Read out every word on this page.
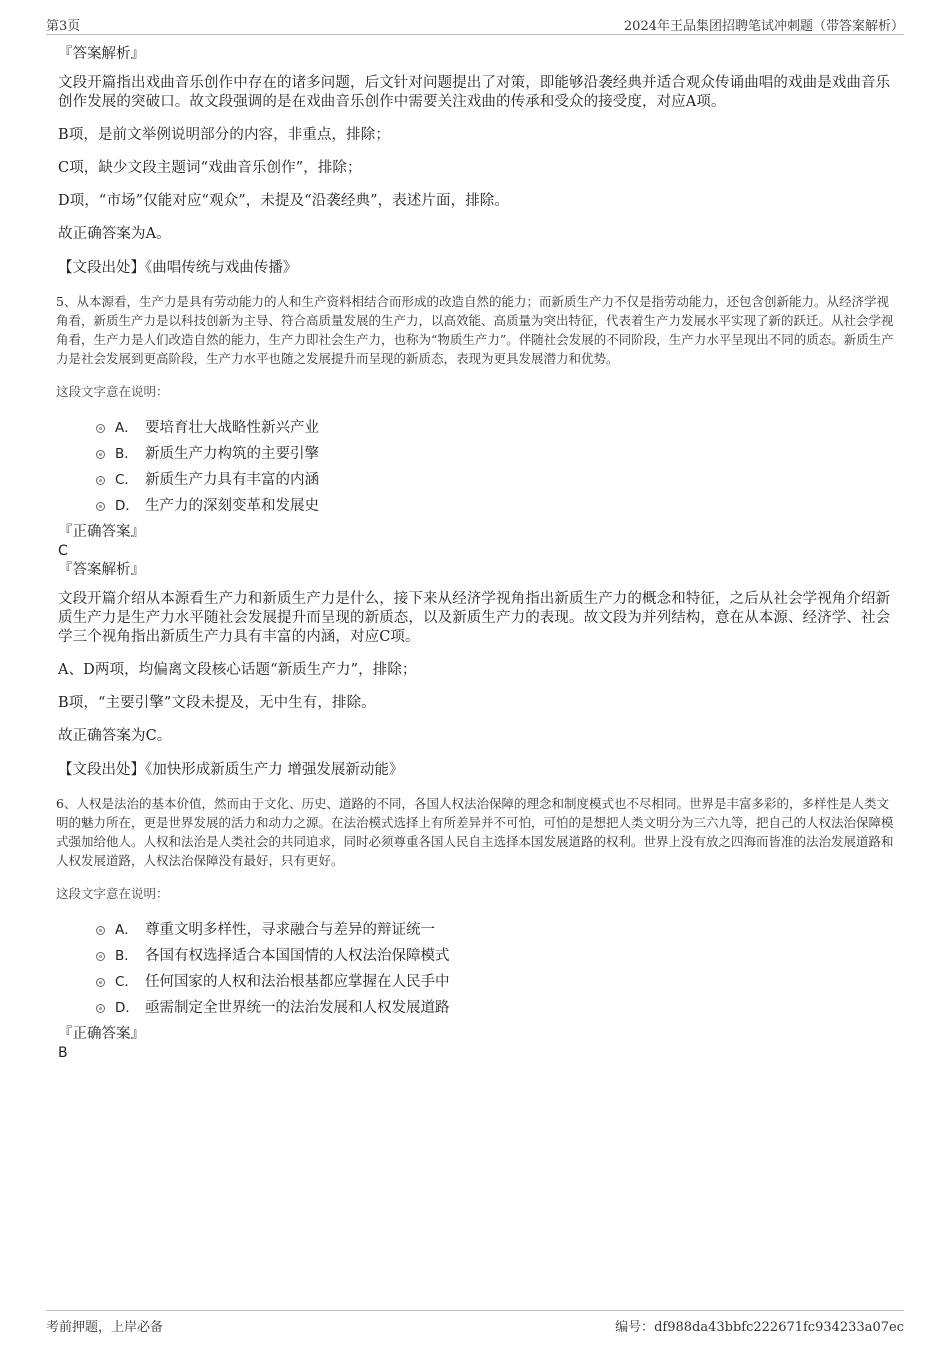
第3页	2024年王品集团招聘笔试冲刺题（带答案解析）
『答案解析』
文段开篇指出戏曲音乐创作中存在的诸多问题，后文针对问题提出了对策，即能够沿袭经典并适合观众传诵曲唱的戏曲是戏曲音乐创作发展的突破口。故文段强调的是在戏曲音乐创作中需要关注戏曲的传承和受众的接受度，对应A项。
B项，是前文举例说明部分的内容，非重点，排除；
C项，缺少文段主题词“戏曲音乐创作”，排除；
D项，“市场”仅能对应“观众”，未提及“沿袭经典”，表述片面，排除。
故正确答案为A。
【文段出处】《曲唱传统与戏曲传播》
5、从本源看，生产力是具有劳动能力的人和生产资料相结合而形成的改造自然的能力；而新质生产力不仅是指劳动能力，还包含创新能力。从经济学视角看，新质生产力是以科技创新为主导、符合高质量发展的生产力，以高效能、高质量为突出特征，代表着生产力发展水平实现了新的跃迁。从社会学视角看，生产力是人们改造自然的能力，生产力即社会生产力，也称为“物质生产力”。伴随社会发展的不同阶段，生产力水平呈现出不同的质态。新质生产力是社会发展到更高阶段，生产力水平也随之发展提升而呈现的新质态，表现为更具发展潜力和优势。
这段文字意在说明：
A． 要培育壮大战略性新兴产业
B． 新质生产力构筑的主要引擎
C． 新质生产力具有丰富的内涵
D． 生产力的深刻变革和发展史
『正确答案』
C
『答案解析』
文段开篇介绍从本源看生产力和新质生产力是什么，接下来从经济学视角指出新质生产力的概念和特征，之后从社会学视角介绍新质生产力是生产力水平随社会发展提升而呈现的新质态，以及新质生产力的表现。故文段为并列结构，意在从本源、经济学、社会学三个视角指出新质生产力具有丰富的内涵，对应C项。
A、D两项，均偏离文段核心话题“新质生产力”，排除；
B项，“主要引擎”文段未提及，无中生有，排除。
故正确答案为C。
【文段出处】《加快形成新质生产力 增强发展新动能》
6、人权是法治的基本价值，然而由于文化、历史、道路的不同，各国人权法治保障的理念和制度模式也不尽相同。世界是丰富多彩的，多样性是人类文明的魅力所在，更是世界发展的活力和动力之源。在法治模式选择上有所差异并不可怕，可怕的是想把人类文明分为三六九等，把自己的人权法治保障模式强加给他人。人权和法治是人类社会的共同追求，同时必须尊重各国人民自主选择本国发展道路的权利。世界上没有放之四海而皆准的法治发展道路和人权发展道路，人权法治保障没有最好，只有更好。
这段文字意在说明：
A． 尊重文明多样性，寻求融合与差异的辩证统一
B． 各国有权选择适合本国国情的人权法治保障模式
C． 任何国家的人权和法治根基都应掌握在人民手中
D． 亟需制定全世界统一的法治发展和人权发展道路
『正确答案』
B
考前押题，上岸必备	编号：df988da43bbfc222671fc934233a07ec
